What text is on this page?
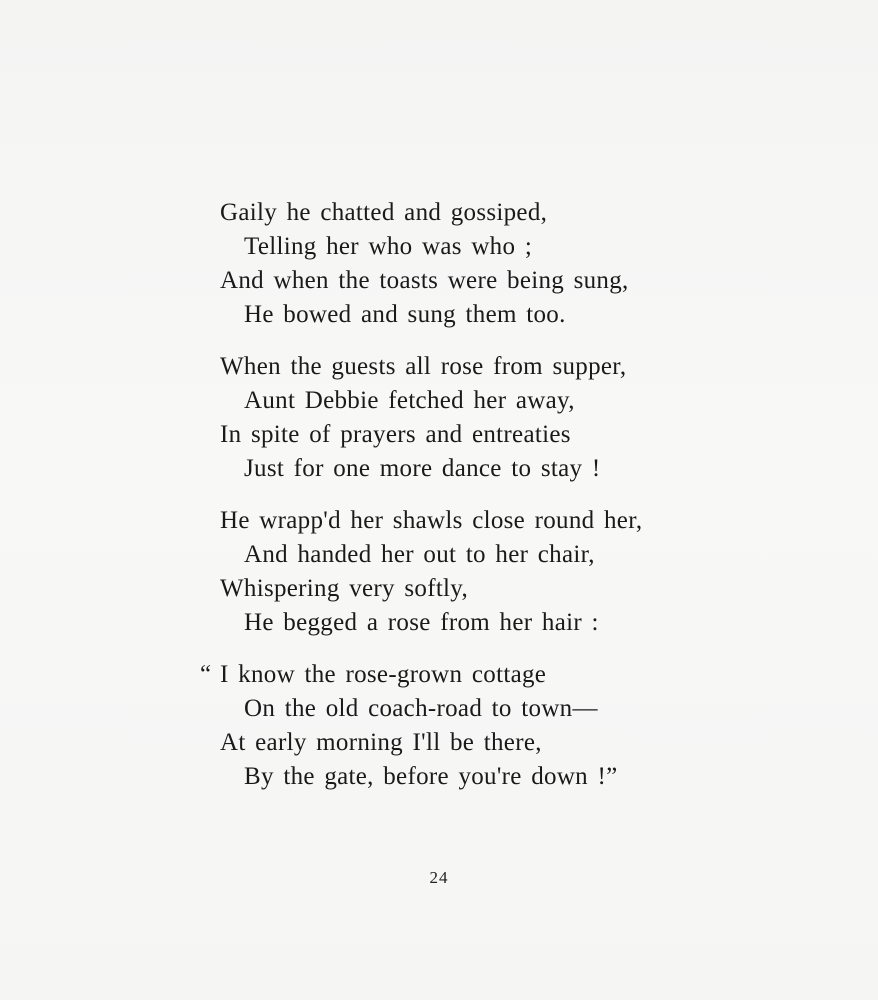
Gaily he chatted and gossiped,
Telling her who was who ;
And when the toasts were being sung,
He bowed and sung them too.
When the guests all rose from supper,
Aunt Debbie fetched her away,
In spite of prayers and entreaties
Just for one more dance to stay !
He wrapp'd her shawls close round her,
And handed her out to her chair,
Whispering very softly,
He begged a rose from her hair :
“ I know the rose-grown cottage
On the old coach-road to town—
At early morning I'll be there,
By the gate, before you're down !”
24
